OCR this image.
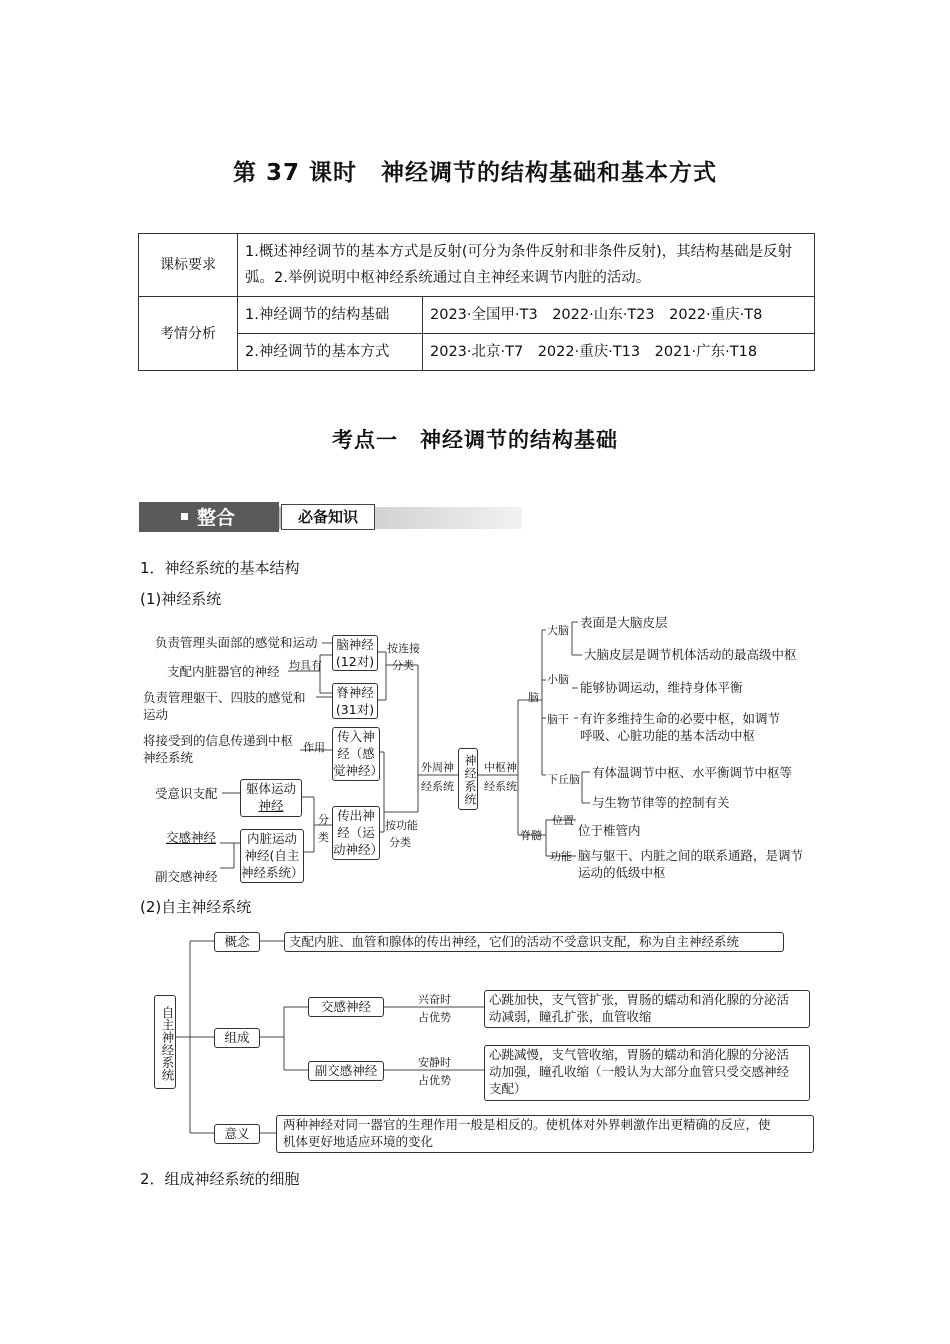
第 37 课时　神经调节的结构基础和基本方式
课标要求	1.概述神经调节的基本方式是反射(可分为条件反射和非条件反射)，其结构基础是反射弧。2.举例说明中枢神经系统通过自主神经来调节内脏的活动。	
考情分析	1.神经调节的结构基础	2023·全国甲·T3　2022·山东·T23　2022·重庆·T8
	2.神经调节的基本方式	2023·北京·T7　2022·重庆·T13　2021·广东·T18
考点一　神经调节的结构基础
整合	必备知识
1．神经系统的基本结构
(1)神经系统
负责管理头面部的感觉和运动
支配内脏器官的神经 均具有
负责管理躯干、四肢的感觉和
运动
将接受到的信息传递到中枢
神经系统
作用
受意识支配
交感神经
副交感神经
脑神经
(12对)
脊神经
(31对)
传入神
经（感
觉神经）
躯体运动
神经
传出神
经（运
动神经）
内脏运动
神经(自主
神经系统）
分
类
按连接
分类
按功能
分类
外周神
经系统 神经系统 中枢神
经系统
脑
脊髓
大脑
小脑
脑干
下丘脑
位置
功能
表面是大脑皮层
大脑皮层是调节机体活动的最高级中枢
能够协调运动，维持身体平衡
有许多维持生命的必要中枢，如调节
呼吸、心脏功能的基本活动中枢
有体温调节中枢、水平衡调节中枢等
与生物节律等的控制有关
位于椎管内
脑与躯干、内脏之间的联系通路，是调节
运动的低级中枢
(2)自主神经系统
自主神经系统
概念	支配内脏、血管和腺体的传出神经，它们的活动不受意识支配，称为自主神经系统
组成
交感神经
副交感神经
兴奋时
占优势
安静时
占优势
心跳加快，支气管扩张，胃肠的蠕动和消化腺的分泌活
动减弱，瞳孔扩张，血管收缩
心跳减慢，支气管收缩，胃肠的蠕动和消化腺的分泌活
动加强，瞳孔收缩（一般认为大部分血管只受交感神经
支配）
意义
两种神经对同一器官的生理作用一般是相反的。使机体对外界刺激作出更精确的反应，使
机体更好地适应环境的变化
2．组成神经系统的细胞
